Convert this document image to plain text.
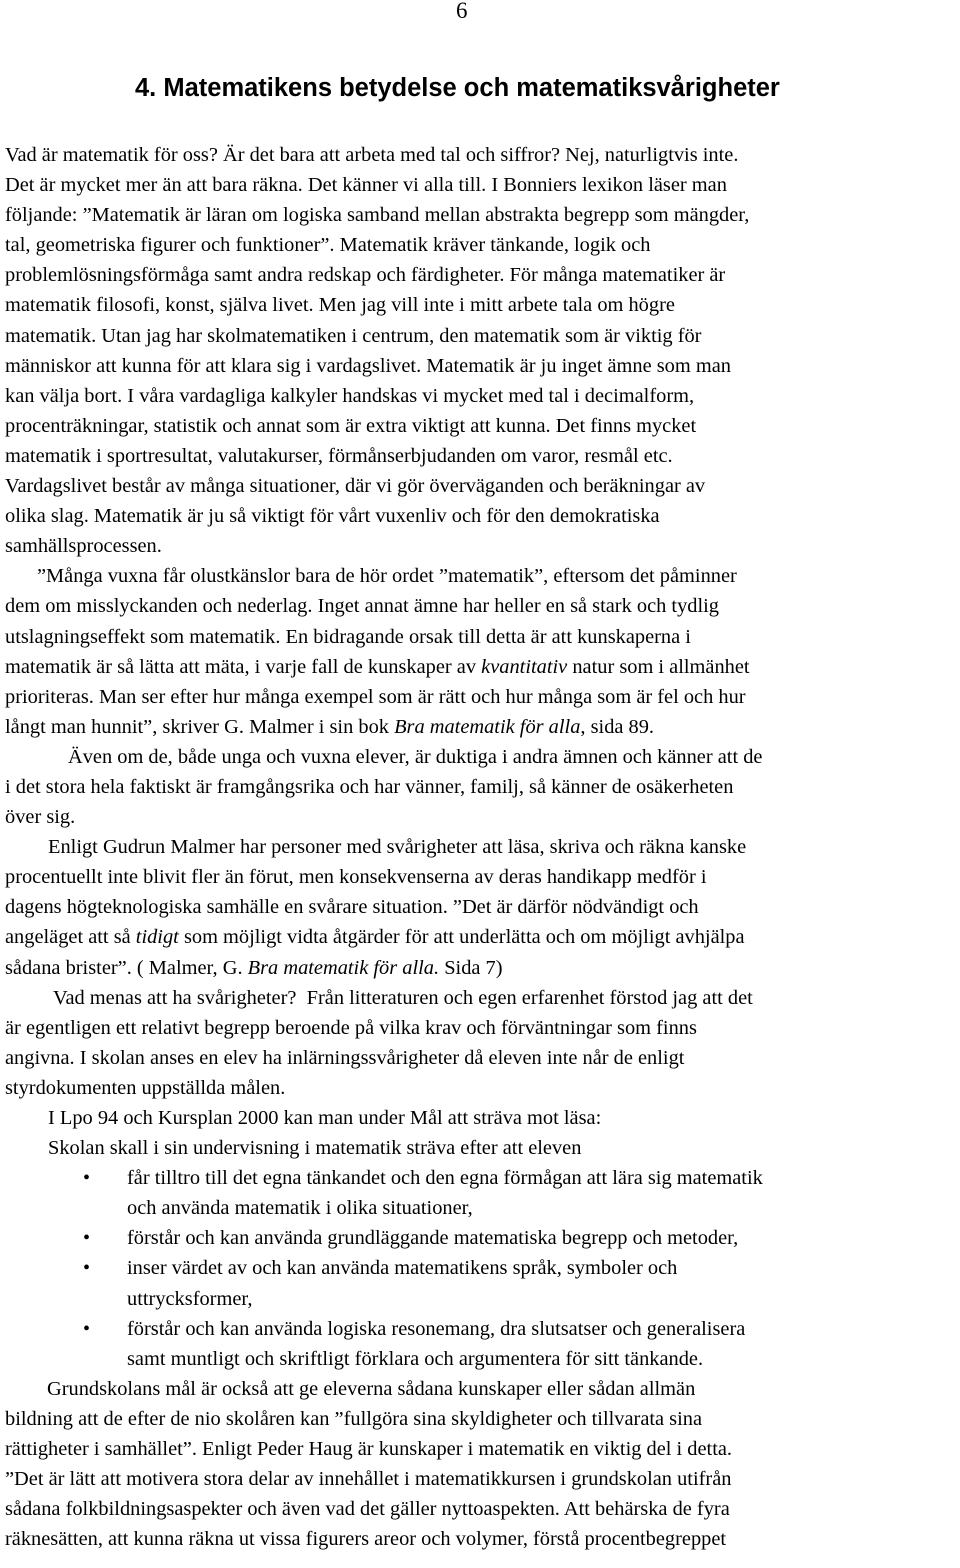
6
4. Matematikens betydelse och matematiksvårigheter
Vad är matematik för oss? Är det bara att arbeta med tal och siffror? Nej, naturligtvis inte.
Det är mycket mer än att bara räkna. Det känner vi alla till. I Bonniers lexikon läser man
följande: ”Matematik är läran om logiska samband mellan abstrakta begrepp som mängder,
tal, geometriska figurer och funktioner”. Matematik kräver tänkande, logik och
problemlösningsförmåga samt andra redskap och färdigheter. För många matematiker är
matematik filosofi, konst, själva livet. Men jag vill inte i mitt arbete tala om högre
matematik. Utan jag har skolmatematiken i centrum, den matematik som är viktig för
människor att kunna för att klara sig i vardagslivet. Matematik är ju inget ämne som man
kan välja bort. I våra vardagliga kalkyler handskas vi mycket med tal i decimalform,
procenträkningar, statistik och annat som är extra viktigt att kunna. Det finns mycket
matematik i sportresultat, valutakurser, förmånserbjudanden om varor, resmål etc.
Vardagslivet består av många situationer, där vi gör överväganden och beräkningar av
olika slag. Matematik är ju så viktigt för vårt vuxenliv och för den demokratiska
samhällsprocessen.
”Många vuxna får olustkänslor bara de hör ordet ”matematik”, eftersom det påminner
dem om misslyckanden och nederlag. Inget annat ämne har heller en så stark och tydlig
utslagningseffekt som matematik. En bidragande orsak till detta är att kunskaperna i
matematik är så lätta att mäta, i varje fall de kunskaper av kvantitativ natur som i allmänhet
prioriteras. Man ser efter hur många exempel som är rätt och hur många som är fel och hur
långt man hunnit”, skriver G. Malmer i sin bok Bra matematik för alla, sida 89.
Även om de, både unga och vuxna elever, är duktiga i andra ämnen och känner att de
i det stora hela faktiskt är framgångsrika och har vänner, familj, så känner de osäkerheten
över sig.
Enligt Gudrun Malmer har personer med svårigheter att läsa, skriva och räkna kanske
procentuellt inte blivit fler än förut, men konsekvenserna av deras handikapp medför i
dagens högteknologiska samhälle en svårare situation. ”Det är därför nödvändigt och
angeläget att så tidigt som möjligt vidta åtgärder för att underlätta och om möjligt avhjälpa
sådana brister”. ( Malmer, G. Bra matematik för alla. Sida 7)
Vad menas att ha svårigheter?  Från litteraturen och egen erfarenhet förstod jag att det
är egentligen ett relativt begrepp beroende på vilka krav och förväntningar som finns
angivna. I skolan anses en elev ha inlärningssvårigheter då eleven inte når de enligt
styrdokumenten uppställda målen.
I Lpo 94 och Kursplan 2000 kan man under Mål att sträva mot läsa:
Skolan skall i sin undervisning i matematik sträva efter att eleven
• får tilltro till det egna tänkandet och den egna förmågan att lära sig matematik
och använda matematik i olika situationer,
• förstår och kan använda grundläggande matematiska begrepp och metoder,
• inser värdet av och kan använda matematikens språk, symboler och
uttrycksformer,
• förstår och kan använda logiska resonemang, dra slutsatser och generalisera
samt muntligt och skriftligt förklara och argumentera för sitt tänkande.
Grundskolans mål är också att ge eleverna sådana kunskaper eller sådan allmän
bildning att de efter de nio skolåren kan ”fullgöra sina skyldigheter och tillvarata sina
rättigheter i samhället”. Enligt Peder Haug är kunskaper i matematik en viktig del i detta.
”Det är lätt att motivera stora delar av innehållet i matematikkursen i grundskolan utifrån
sådana folkbildningsaspekter och även vad det gäller nyttoaspekten. Att behärska de fyra
räknesätten, att kunna räkna ut vissa figurers areor och volymer, förstå procentbegreppet
